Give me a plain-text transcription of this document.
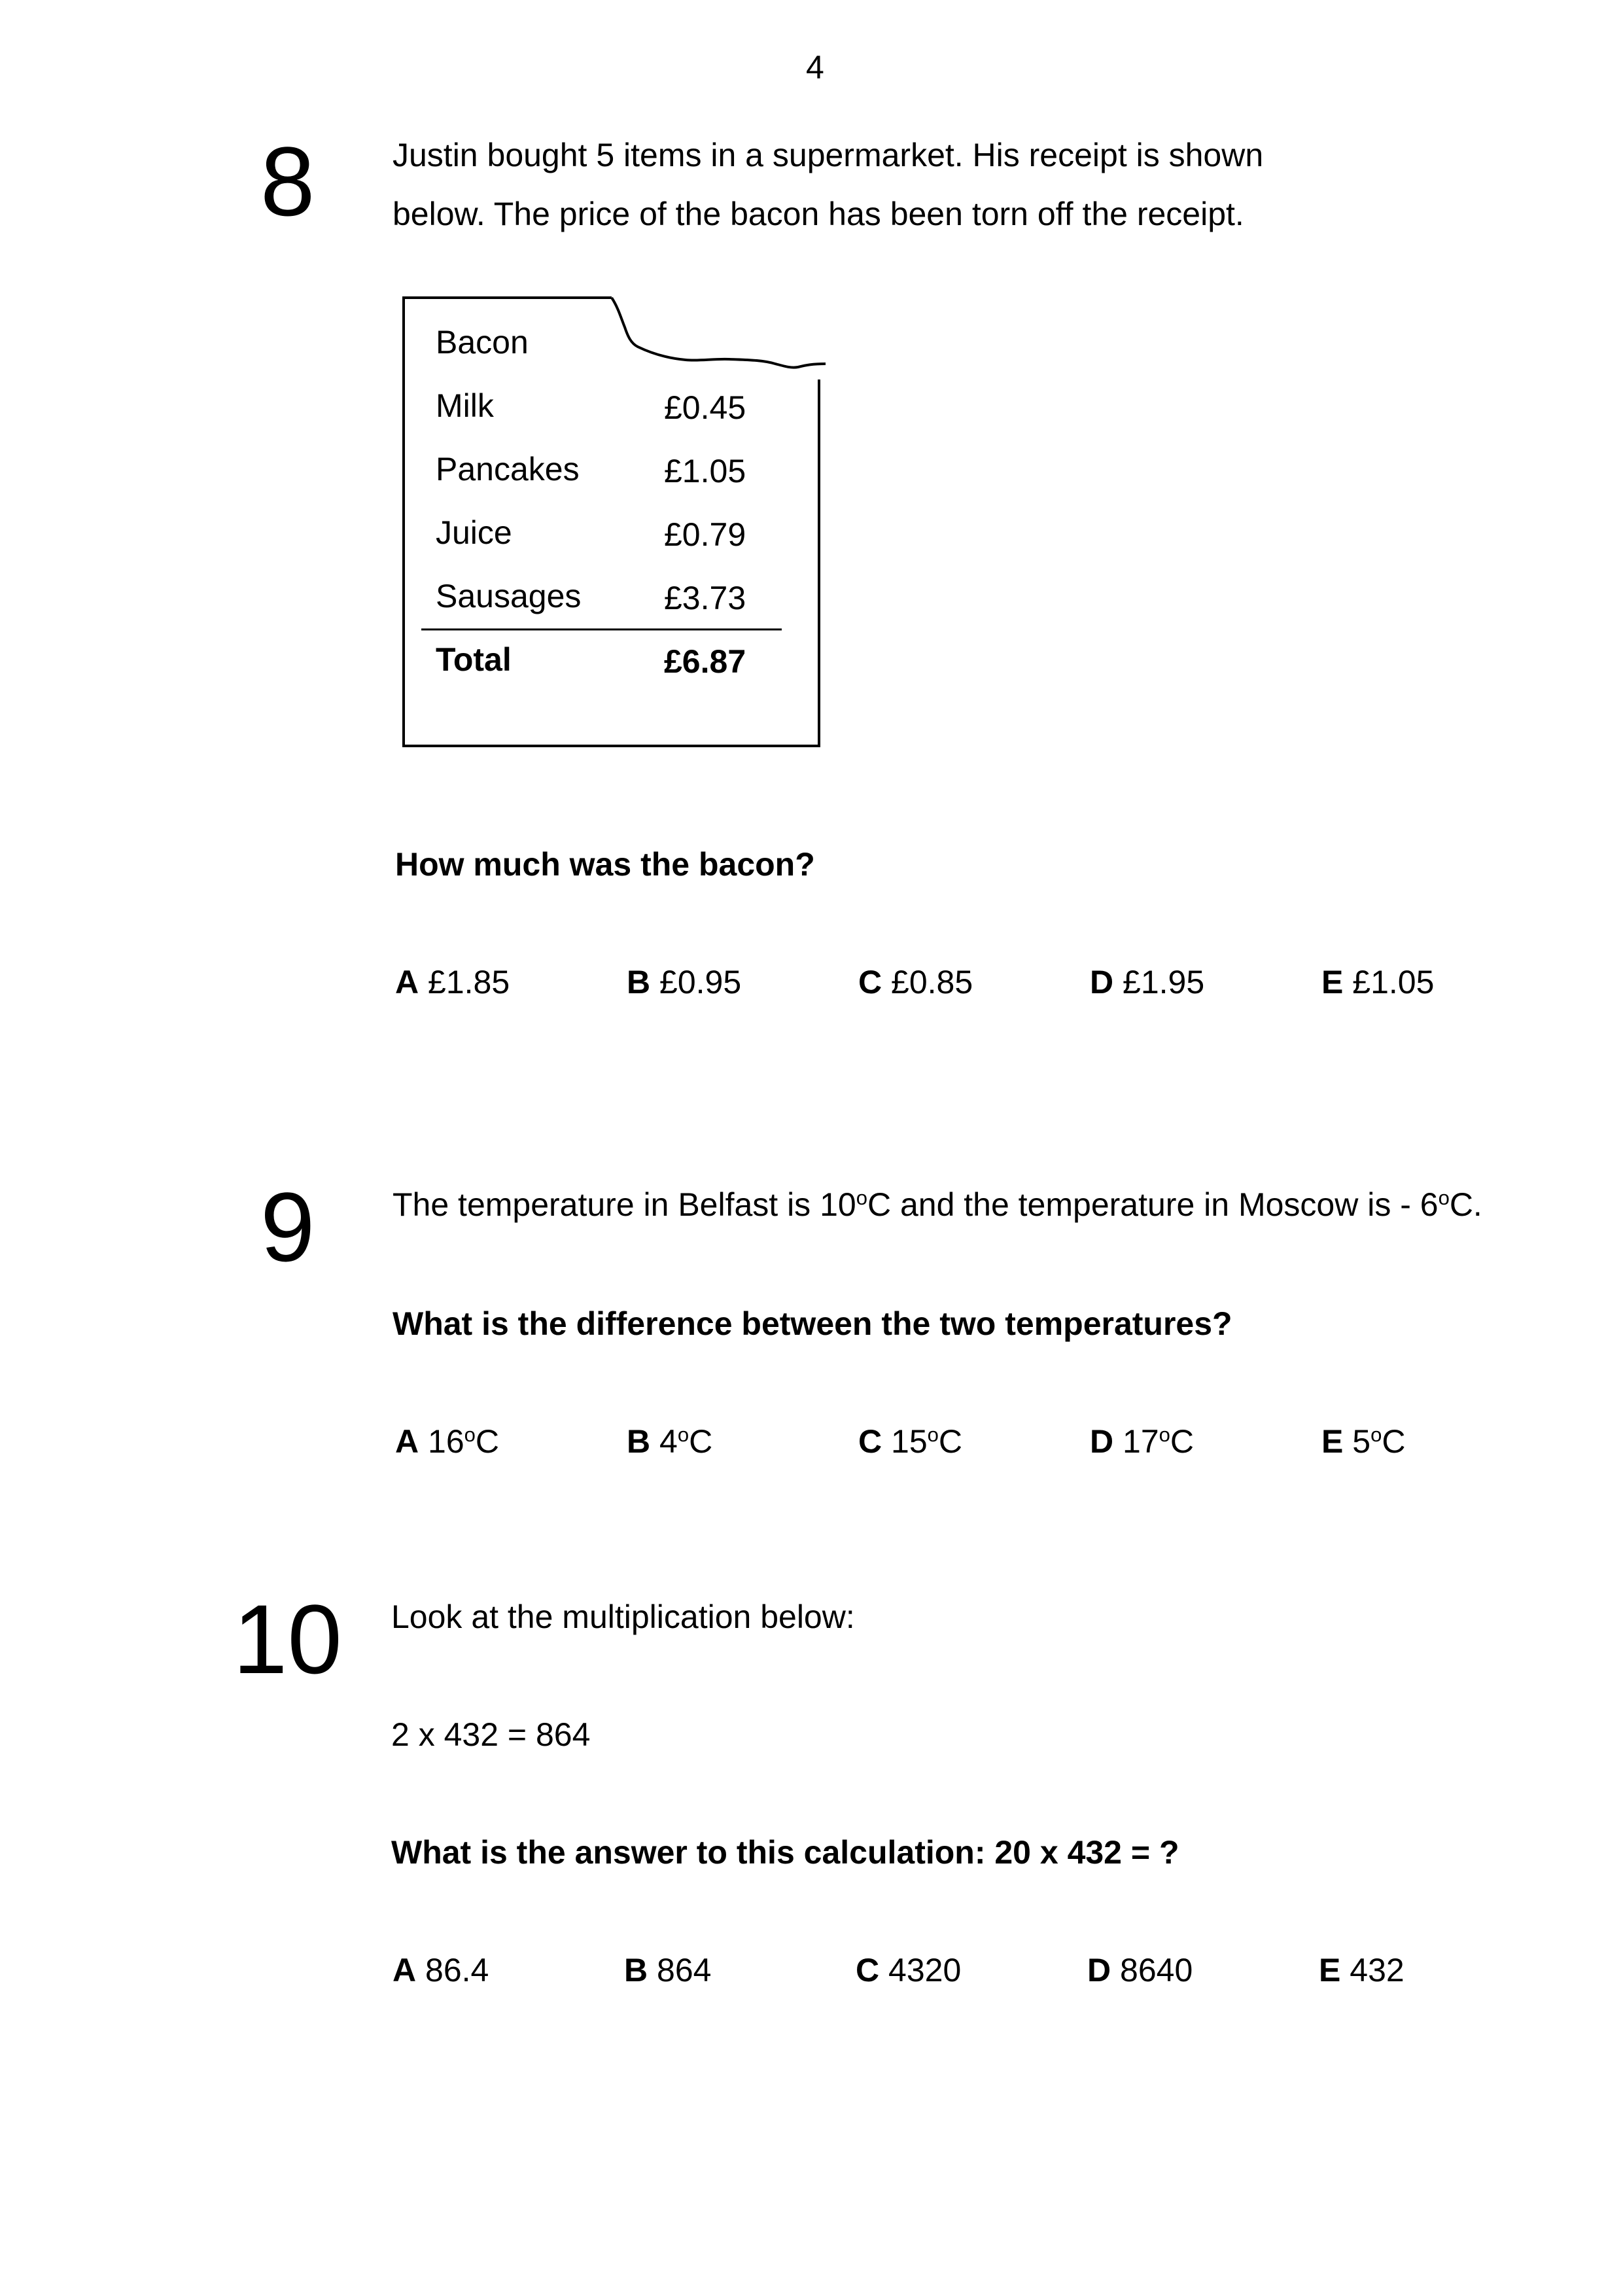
4
8 Justin bought 5 items in a supermarket. His receipt is shown
below. The price of the bacon has been torn off the receipt.
Bacon
Milk	£0.45
Pancakes	£1.05
Juice	£0.79
Sausages	£3.73
Total	£6.87
How much was the bacon?
A £1.85	B £0.95	C £0.85	D £1.95	E £1.05
9 The temperature in Belfast is 10$^o$C and the temperature in Moscow is - 6$^o$C.
What is the difference between the two temperatures?
A 16$^o$C	B 4$^o$C	C 15$^o$C	D 17$^o$C	E 5$^o$C
10 Look at the multiplication below:
2 x 432 = 864
What is the answer to this calculation: 20 x 432 = ?
A 86.4	B 864	C 4320	D 8640	E 432
